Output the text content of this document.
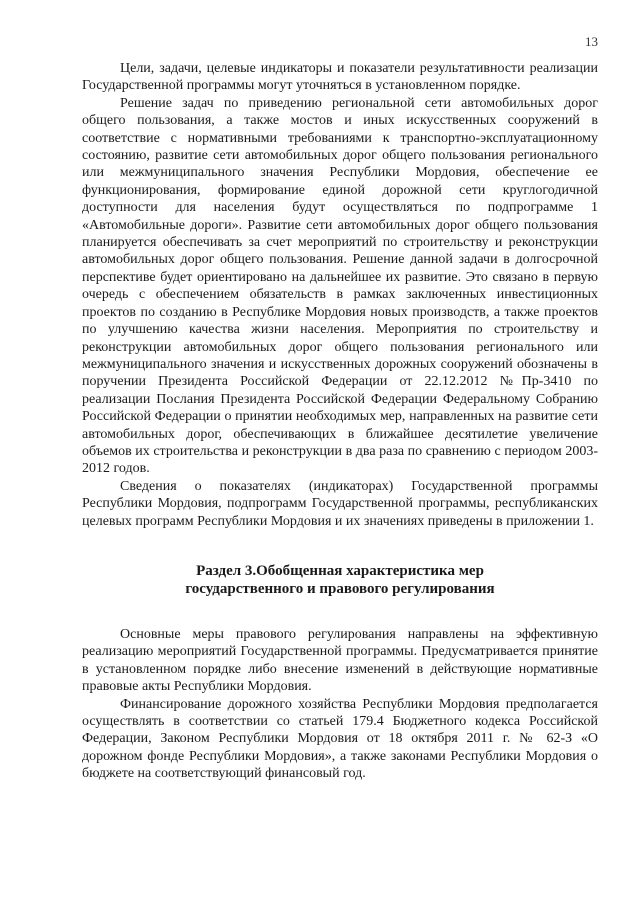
13

Цели, задачи, целевые индикаторы и показатели результативности реализации Государственной программы могут уточняться в установленном порядке.

Решение задач по приведению региональной сети автомобильных дорог общего пользования, а также мостов и иных искусственных сооружений в соответствие с нормативными требованиями к транспортно-эксплуатационному состоянию, развитие сети автомобильных дорог общего пользования регионального или межмуниципального значения Республики Мордовия, обеспечение ее функционирования, формирование единой дорожной сети круглогодичной доступности для населения будут осуществляться по подпрограмме 1 «Автомобильные дороги». Развитие сети автомобильных дорог общего пользования планируется обеспечивать за счет мероприятий по строительству и реконструкции автомобильных дорог общего пользования. Решение данной задачи в долгосрочной перспективе будет ориентировано на дальнейшее их развитие. Это связано в первую очередь с обеспечением обязательств в рамках заключенных инвестиционных проектов по созданию в Республике Мордовия новых производств, а также проектов по улучшению качества жизни населения. Мероприятия по строительству и реконструкции автомобильных дорог общего пользования регионального или межмуниципального значения и искусственных дорожных сооружений обозначены в поручении Президента Российской Федерации от 22.12.2012 №Пр-3410 по реализации Послания Президента Российской Федерации Федеральному Собранию Российской Федерации о принятии необходимых мер, направленных на развитие сети автомобильных дорог, обеспечивающих в ближайшее десятилетие увеличение объемов их строительства и реконструкции в два раза по сравнению с периодом 2003-2012 годов.

Сведения о показателях (индикаторах) Государственной программы Республики Мордовия, подпрограмм Государственной программы, республиканских целевых программ Республики Мордовия и их значениях приведены в приложении 1.

Раздел 3.Обобщенная характеристика мер
государственного и правового регулирования

Основные меры правового регулирования направлены на эффективную реализацию мероприятий Государственной программы. Предусматривается принятие в установленном порядке либо внесение изменений в действующие нормативные правовые акты Республики Мордовия.

Финансирование дорожного хозяйства Республики Мордовия предполагается осуществлять в соответствии со статьей 179.4 Бюджетного кодекса Российской Федерации, Законом Республики Мордовия от 18 октября 2011 г. № 62-З «О дорожном фонде Республики Мордовия», а также законами Республики Мордовия о бюджете на соответствующий финансовый год.
